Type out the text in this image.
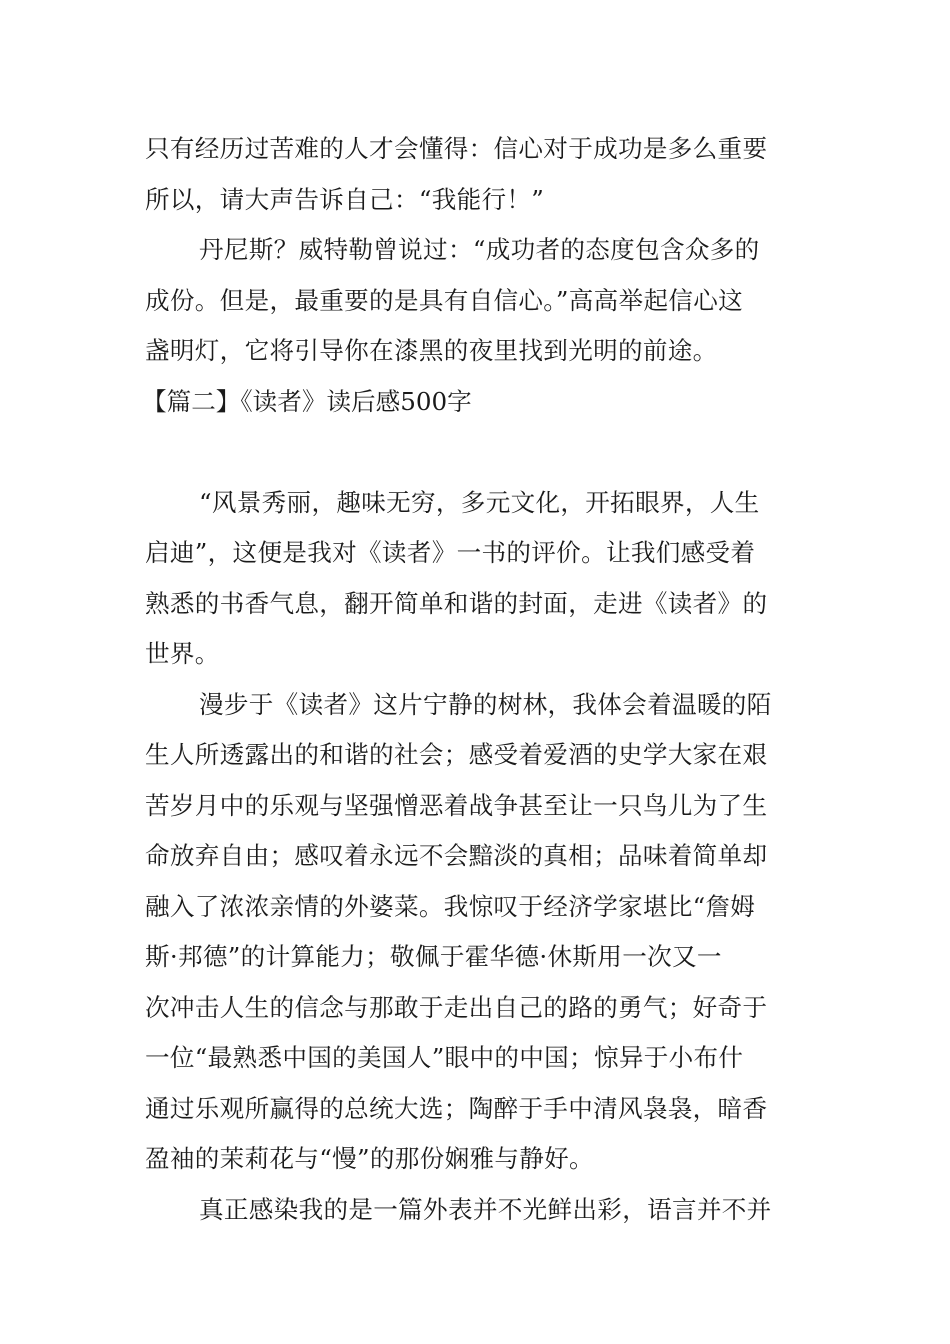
只有经历过苦难的人才会懂得：信心对于成功是多么重要
所以，请大声告诉自己：“我能行！”
丹尼斯？威特勒曾说过：“成功者的态度包含众多的
成份。但是，最重要的是具有自信心。”高高举起信心这
盏明灯，它将引导你在漆黑的夜里找到光明的前途。
【篇二】《读者》读后感500字
“风景秀丽，趣味无穷，多元文化，开拓眼界，人生
启迪”，这便是我对《读者》一书的评价。让我们感受着
熟悉的书香气息，翻开简单和谐的封面，走进《读者》的
世界。
漫步于《读者》这片宁静的树林，我体会着温暖的陌
生人所透露出的和谐的社会；感受着爱酒的史学大家在艰
苦岁月中的乐观与坚强憎恶着战争甚至让一只鸟儿为了生
命放弃自由；感叹着永远不会黯淡的真相；品味着简单却
融入了浓浓亲情的外婆菜。我惊叹于经济学家堪比“詹姆
斯·邦德”的计算能力；敬佩于霍华德·休斯用一次又一
次冲击人生的信念与那敢于走出自己的路的勇气；好奇于
一位“最熟悉中国的美国人”眼中的中国；惊异于小布什
通过乐观所赢得的总统大选；陶醉于手中清风袅袅，暗香
盈袖的茉莉花与“慢”的那份娴雅与静好。
真正感染我的是一篇外表并不光鲜出彩，语言并不并
